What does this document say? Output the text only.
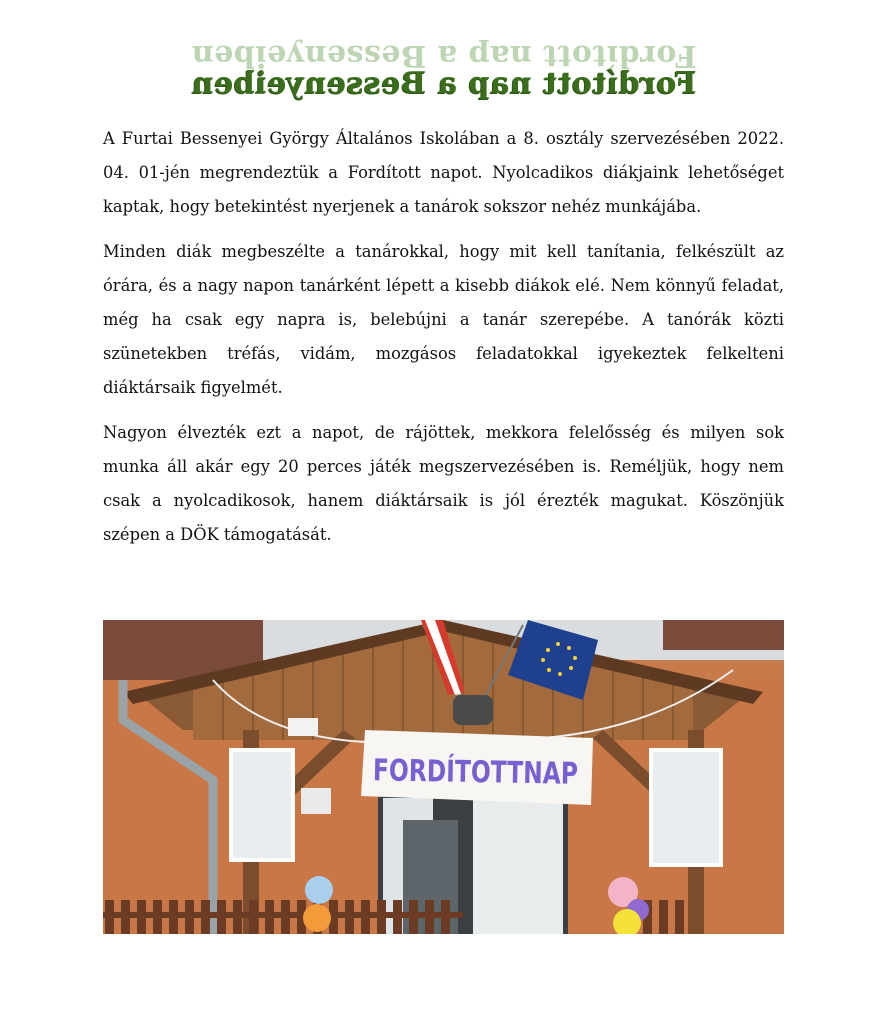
Fordított nap a Bessenyeiben
Fordított nap a Bessenyeiben

A Furtai Bessenyei György Általános Iskolában a 8. osztály szervezésében 2022. 04. 01-jén megrendeztük a Fordított napot. Nyolcadikos diákjaink lehetőséget kaptak, hogy betekintést nyerjenek a tanárok sokszor nehéz munkájába.

Minden diák megbeszélte a tanárokkal, hogy mit kell tanítania, felkészült az órára, és a nagy napon tanárként lépett a kisebb diákok elé. Nem könnyű feladat, még ha csak egy napra is, belebújni a tanár szerepébe. A tanórák közti szünetekben tréfás, vidám, mozgásos feladatokkal igyekeztek felkelteni diáktársaik figyelmét.

Nagyon élvezték ezt a napot, de rájöttek, mekkora felelősség és milyen sok munka áll akár egy 20 perces játék megszervezésében is. Reméljük, hogy nem csak a nyolcadikosok, hanem diáktársaik is jól érezték magukat. Köszönjük szépen a DÖK támogatását.

FORDÍTOTTNAP
